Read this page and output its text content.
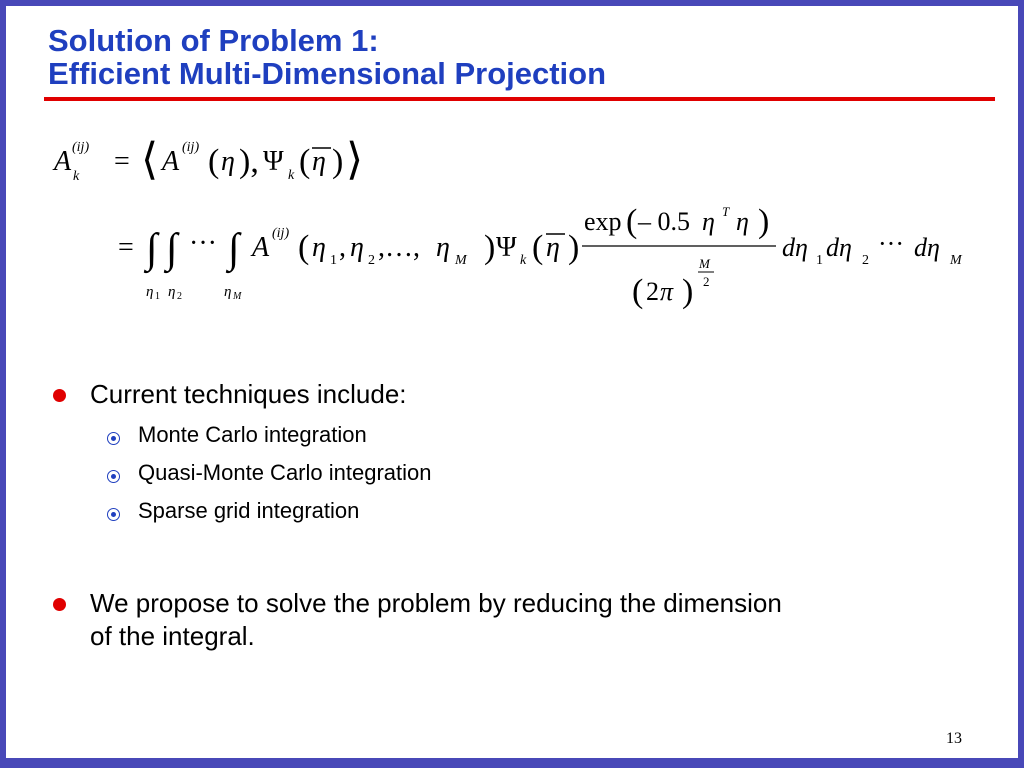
Solution of Problem 1:
Efficient Multi-Dimensional Projection
A (ij)
k = ⟨ A (ij) ( η ), Ψ k ( η ) ⟩
= ∫ ∫ ··· ∫ A (ij) ( η 1 , η 2 ,…, η M ) Ψ k ( η )
exp ( – 0.5 η T η )
( 2 π )
M
2
dη 1 dη 2
··· dη M
η 1 η 2	η M
Current techniques include:
Monte Carlo integration
Quasi-Monte Carlo integration
Sparse grid integration
We propose to solve the problem by reducing the dimension
of the integral.
13
